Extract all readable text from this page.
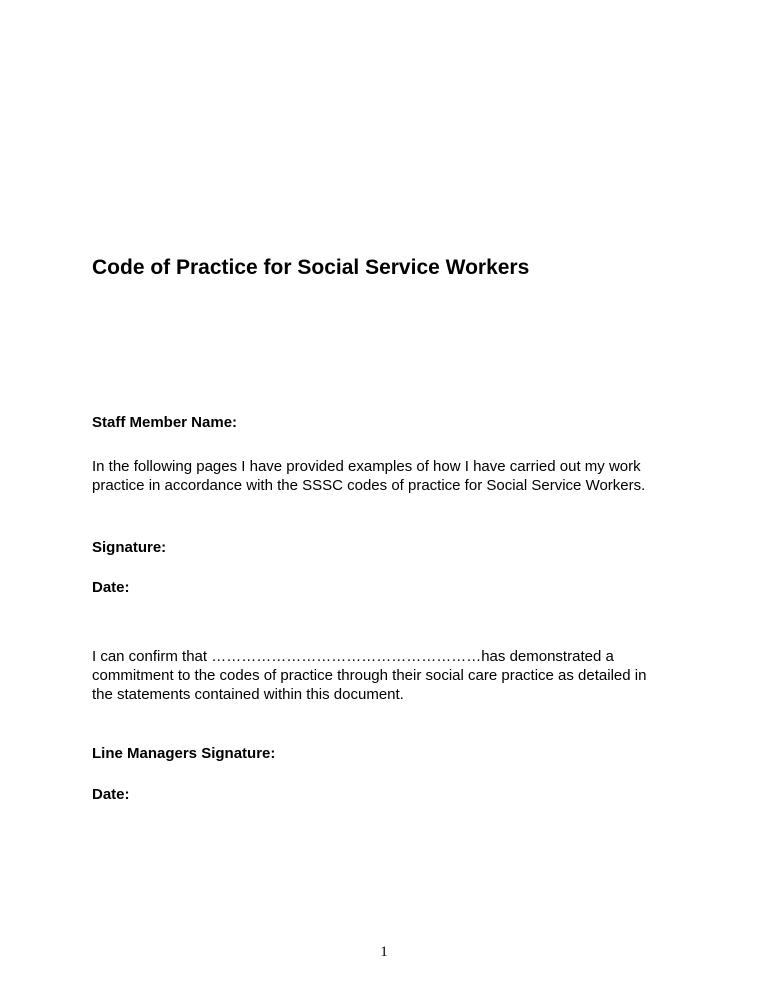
Code of Practice for Social Service Workers

Staff Member Name:

In the following pages I have provided examples of how I have carried out my work practice in accordance with the SSSC codes of practice for Social Service Workers.

Signature:

Date:

I can confirm that ………………………………………………has demonstrated a commitment to the codes of practice through their social care practice as detailed in the statements contained within this document.

Line Managers Signature:

Date:

1
